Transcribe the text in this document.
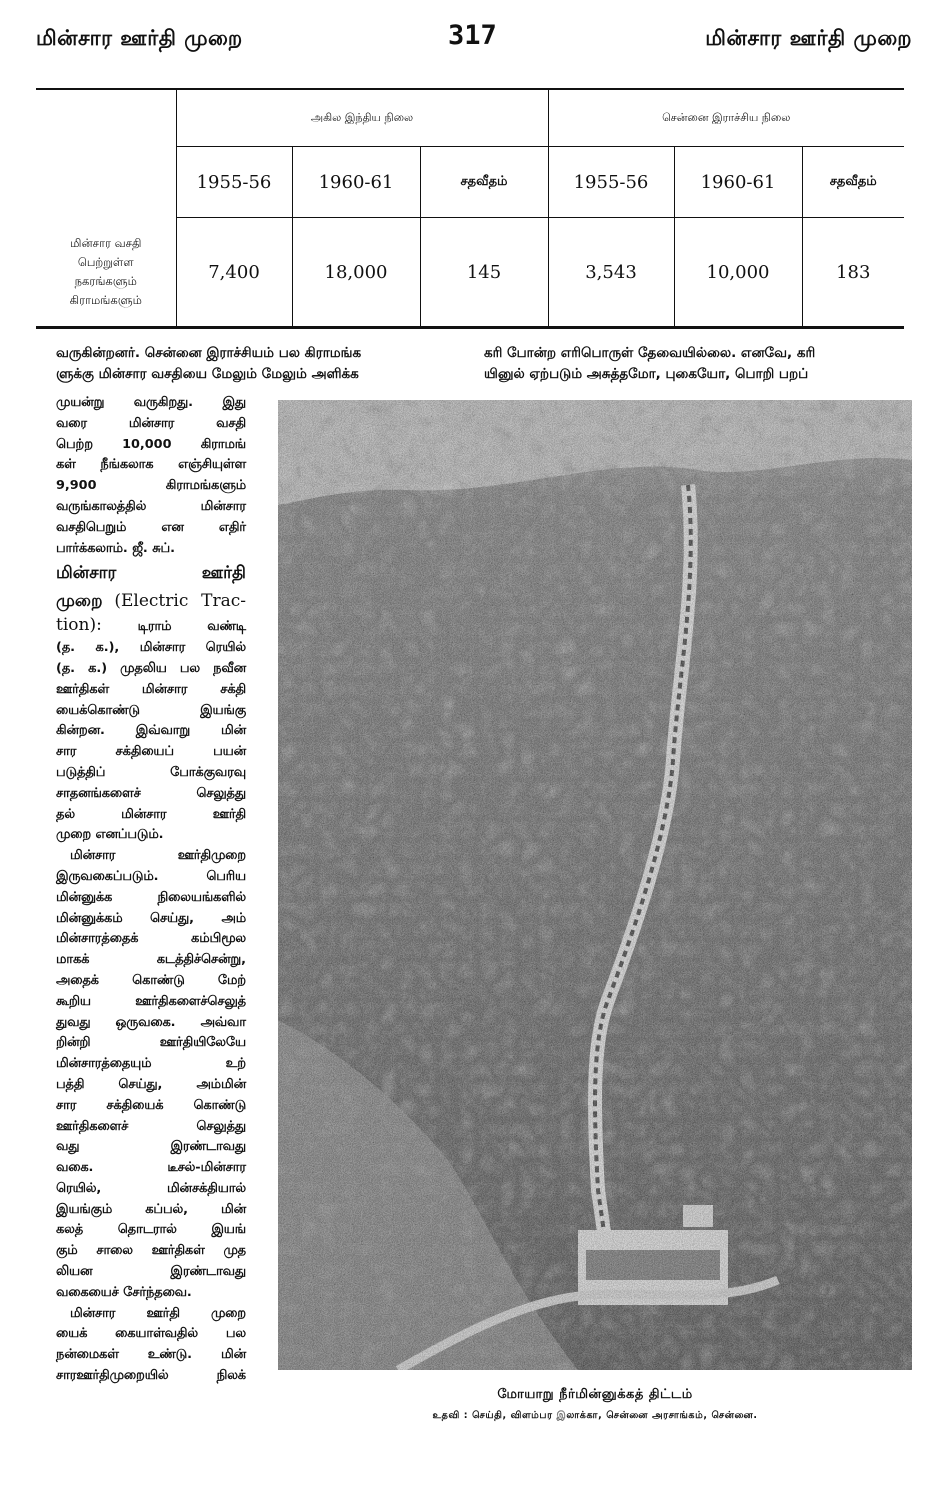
மின்சார ஊர்தி முறை	317	மின்சார ஊர்தி முறை
	அகில இந்திய நிலை			சென்னை இராச்சிய நிலை		
	1955-56	1960-61	சதவீதம்	1955-56	1960-61	சதவீதம்

மின்சார வசதி
பெற்றுள்ள
நகரங்களும்
கிராமங்களும்	7,400	18,000	145	3,543	10,000	183
வருகின்றனர். சென்னை இராச்சியம் பல கிராமங்க
ளுக்கு மின்சார வசதியை மேலும் மேலும் அளிக்க
கரி போன்ற எரிபொருள் தேவையில்லை. எனவே, கரி
யினுல் ஏற்படும் அசுத்தமோ, புகையோ, பொறி பறப்

முயன்று வருகிறது. இது
வரை மின்சார வசதி
பெற்ற 10,000 கிராமங்
கள் நீங்கலாக எஞ்சியுள்ள
9,900 கிராமங்களும்
வருங்காலத்தில் மின்சார
வசதிபெறும் என எதிர்
பார்க்கலாம். ஜீ. சுப்.

மின்சார ஊர்தி
முறை (Electric Trac-
tion):	டிராம் வண்டி

(த. க.), மின்சார ரெயில்
(த. க.) முதலிய பல நவீன
ஊர்திகள் மின்சார சக்தி
யைக்கொண்டு இயங்கு
கின்றன. இவ்வாறு மின்
சார சக்தியைப் பயன்
படுத்திப் போக்குவரவு
சாதனங்களைச் செலுத்து
தல் மின்சார ஊர்தி
முறை எனப்படும்.

மின்சார ஊர்திமுறை
இருவகைப்படும். பெரிய
மின்னுக்க நிலையங்களில்
மின்னுக்கம் செய்து, அம்
மின்சாரத்தைக் கம்பிமூல
மாகக் கடத்திச்சென்று,
அதைக் கொண்டு மேற்
கூறிய ஊர்திகளைச்செலுத்
துவது ஒருவகை. அவ்வா
றின்றி ஊர்தியிலேயே
மின்சாரத்தையும் உற்
பத்தி செய்து, அம்மின்
சார சக்தியைக் கொண்டு
ஊர்திகளைச் செலுத்து
வது இரண்டாவது
வகை. டீசல்-மின்சார
ரெயில், மின்சக்தியால்
இயங்கும் கப்பல், மின்
கலத் தொடரால் இயங்
கும் சாலை ஊர்திகள் முத
லியன இரண்டாவது
வகையைச் சேர்ந்தவை.

மின்சார ஊர்தி முறை
யைக் கையாள்வதில் பல
நன்மைகள் உண்டு. மின்
சாரஊர்திமுறையில் நிலக்

மோயாறு நீர்மின்னுக்கத் திட்டம்
உதவி : செய்தி, விளம்பர இலாக்கா, சென்னை அரசாங்கம், சென்னை.
